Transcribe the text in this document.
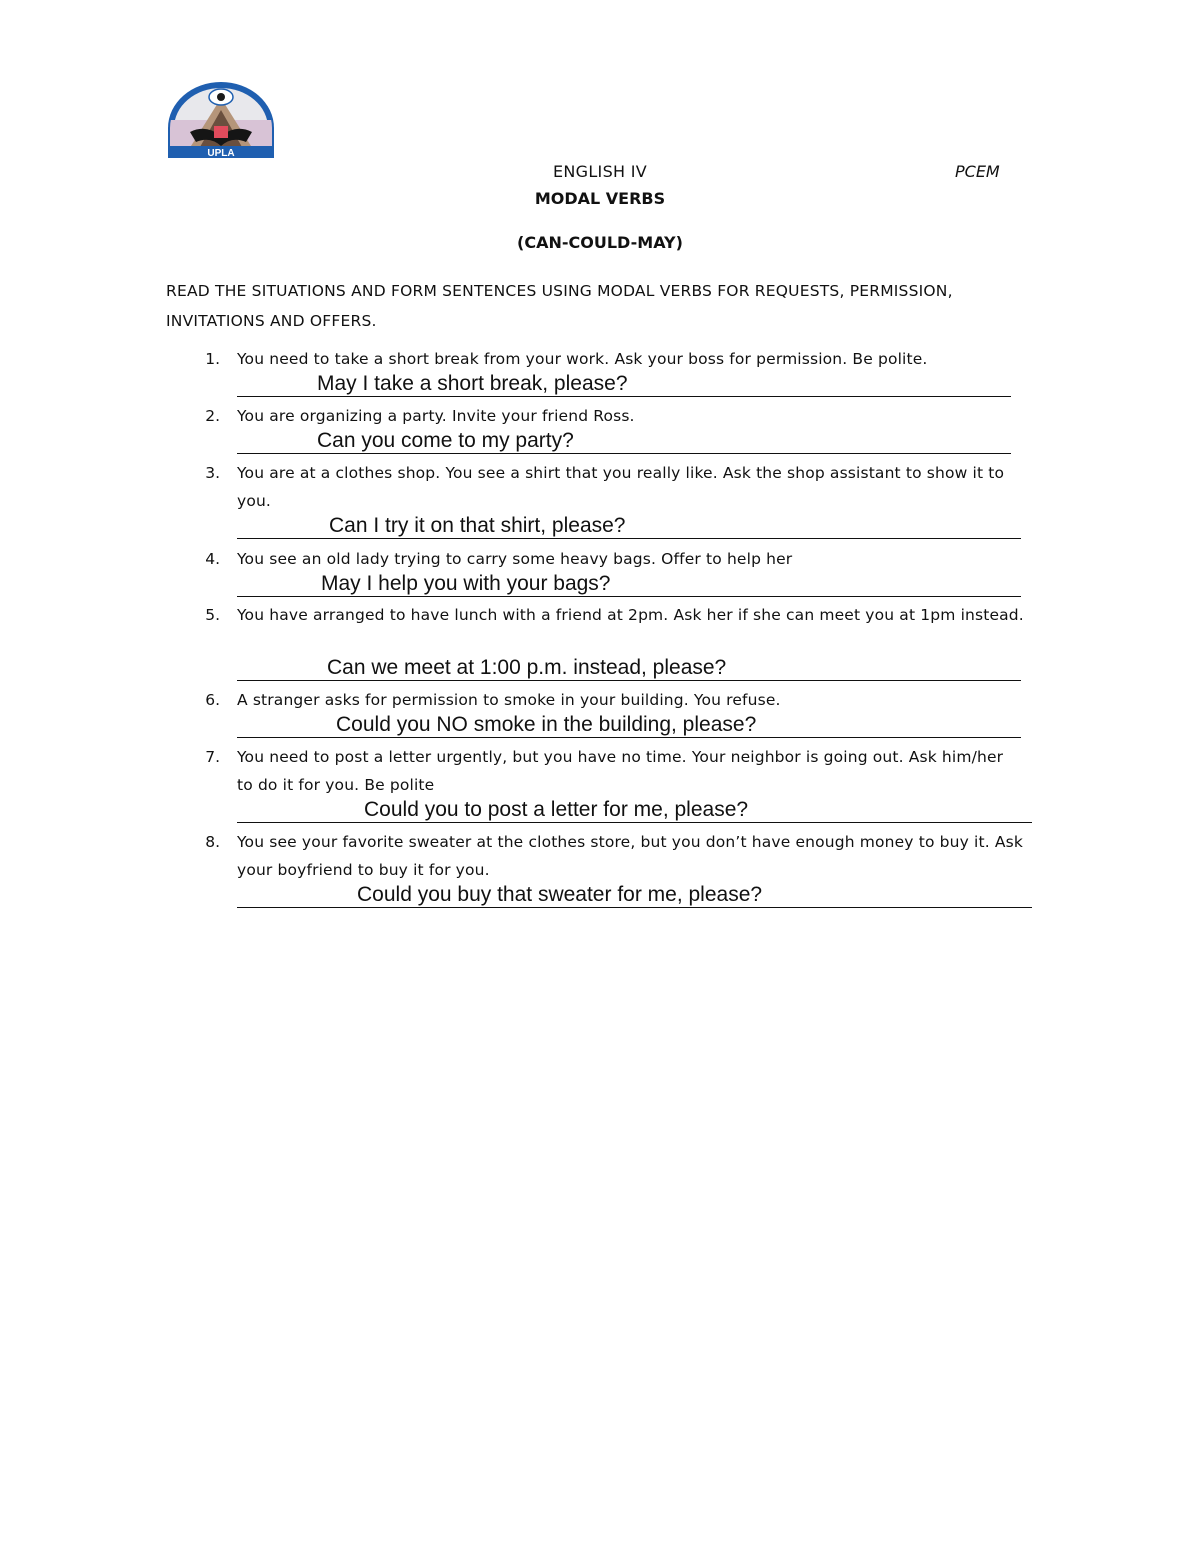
UPLA
ENGLISH IV	PCEM
MODAL VERBS
(CAN-COULD-MAY)
READ THE SITUATIONS AND FORM SENTENCES USING MODAL VERBS FOR REQUESTS, PERMISSION, INVITATIONS AND OFFERS.
1. You need to take a short break from your work. Ask your boss for permission. Be polite.
May I take a short break, please?
2. You are organizing a party. Invite your friend Ross.
Can you come to my party?
3. You are at a clothes shop. You see a shirt that you really like. Ask the shop assistant to show it to you.
Can I try it on that shirt, please?
4. You see an old lady trying to carry some heavy bags. Offer to help her
May I help you with your bags?
5. You have arranged to have lunch with a friend at 2pm. Ask her if she can meet you at 1pm instead.
Can we meet at 1:00 p.m. instead, please?
6. A stranger asks for permission to smoke in your building. You refuse.
Could you NO smoke in the building, please?
7. You need to post a letter urgently, but you have no time. Your neighbor is going out. Ask him/her to do it for you. Be polite
Could you to post a letter for me, please?
8. You see your favorite sweater at the clothes store, but you don’t have enough money to buy it. Ask your boyfriend to buy it for you.
Could you buy that sweater for me, please?
